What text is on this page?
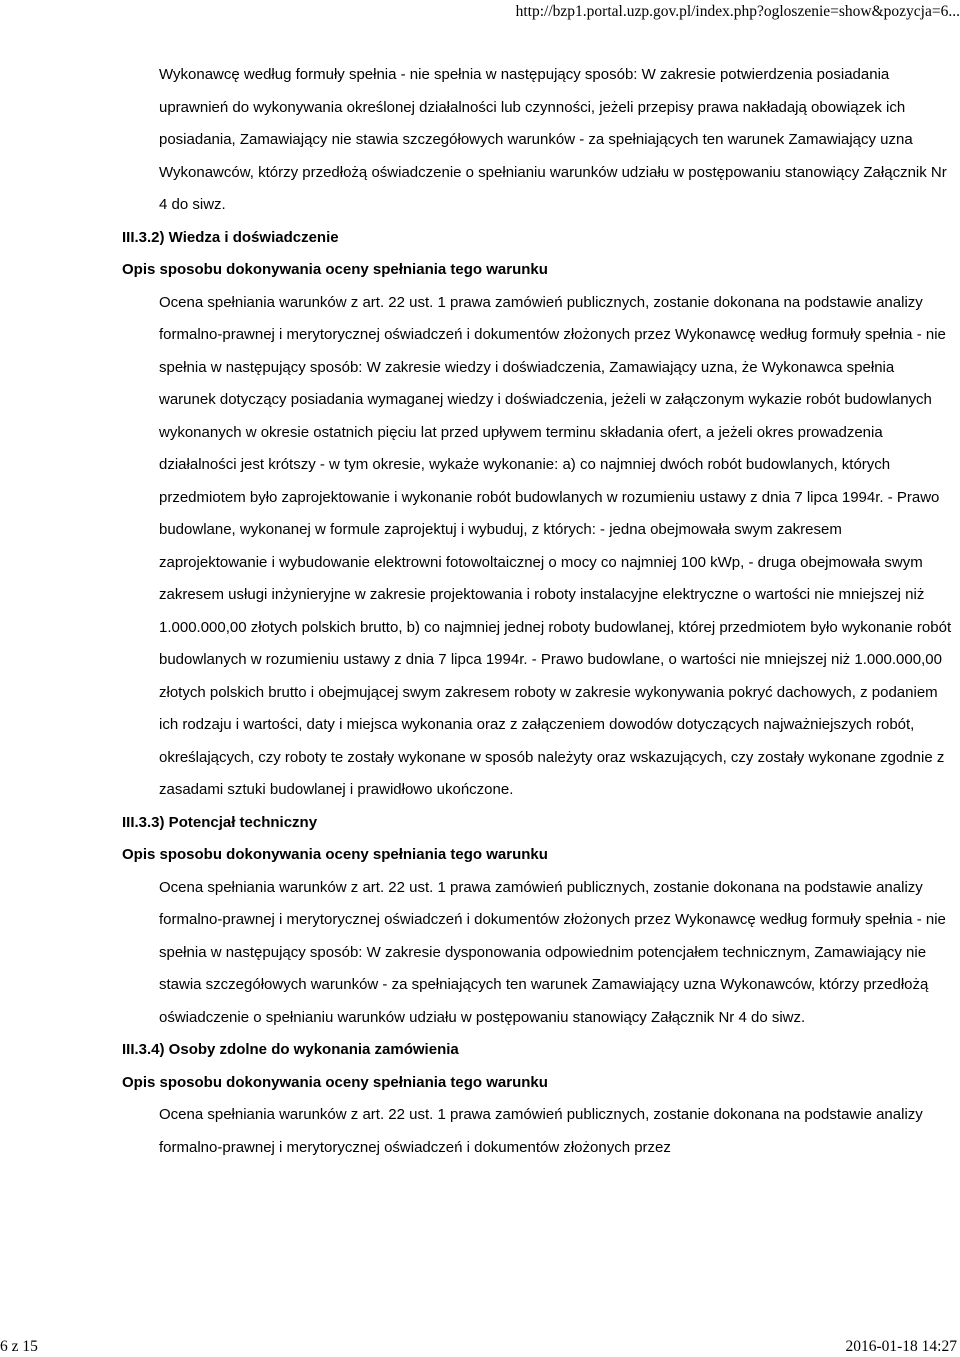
http://bzp1.portal.uzp.gov.pl/index.php?ogloszenie=show&pozycja=6...

Wykonawcę według formuły spełnia - nie spełnia w następujący sposób: W zakresie potwierdzenia posiadania uprawnień do wykonywania określonej działalności lub czynności, jeżeli przepisy prawa nakładają obowiązek ich posiadania, Zamawiający nie stawia szczegółowych warunków - za spełniających ten warunek Zamawiający uzna Wykonawców, którzy przedłożą oświadczenie o spełnianiu warunków udziału w postępowaniu stanowiący Załącznik Nr 4 do siwz.

III.3.2) Wiedza i doświadczenie
Opis sposobu dokonywania oceny spełniania tego warunku

Ocena spełniania warunków z art. 22 ust. 1 prawa zamówień publicznych, zostanie dokonana na podstawie analizy formalno-prawnej i merytorycznej oświadczeń i dokumentów złożonych przez Wykonawcę według formuły spełnia - nie spełnia w następujący sposób: W zakresie wiedzy i doświadczenia, Zamawiający uzna, że Wykonawca spełnia warunek dotyczący posiadania wymaganej wiedzy i doświadczenia, jeżeli w załączonym wykazie robót budowlanych wykonanych w okresie ostatnich pięciu lat przed upływem terminu składania ofert, a jeżeli okres prowadzenia działalności jest krótszy - w tym okresie, wykaże wykonanie: a) co najmniej dwóch robót budowlanych, których przedmiotem było zaprojektowanie i wykonanie robót budowlanych w rozumieniu ustawy z dnia 7 lipca 1994r. - Prawo budowlane, wykonanej w formule zaprojektuj i wybuduj, z których: - jedna obejmowała swym zakresem zaprojektowanie i wybudowanie elektrowni fotowoltaicznej o mocy co najmniej 100 kWp, - druga obejmowała swym zakresem usługi inżynieryjne w zakresie projektowania i roboty instalacyjne elektryczne o wartości nie mniejszej niż 1.000.000,00 złotych polskich brutto, b) co najmniej jednej roboty budowlanej, której przedmiotem było wykonanie robót budowlanych w rozumieniu ustawy z dnia 7 lipca 1994r. - Prawo budowlane, o wartości nie mniejszej niż 1.000.000,00 złotych polskich brutto i obejmującej swym zakresem roboty w zakresie wykonywania pokryć dachowych, z podaniem ich rodzaju i wartości, daty i miejsca wykonania oraz z załączeniem dowodów dotyczących najważniejszych robót, określających, czy roboty te zostały wykonane w sposób należyty oraz wskazujących, czy zostały wykonane zgodnie z zasadami sztuki budowlanej i prawidłowo ukończone.

III.3.3) Potencjał techniczny
Opis sposobu dokonywania oceny spełniania tego warunku

Ocena spełniania warunków z art. 22 ust. 1 prawa zamówień publicznych, zostanie dokonana na podstawie analizy formalno-prawnej i merytorycznej oświadczeń i dokumentów złożonych przez Wykonawcę według formuły spełnia - nie spełnia w następujący sposób: W zakresie dysponowania odpowiednim potencjałem technicznym, Zamawiający nie stawia szczegółowych warunków - za spełniających ten warunek Zamawiający uzna Wykonawców, którzy przedłożą oświadczenie o spełnianiu warunków udziału w postępowaniu stanowiący Załącznik Nr 4 do siwz.

III.3.4) Osoby zdolne do wykonania zamówienia
Opis sposobu dokonywania oceny spełniania tego warunku

Ocena spełniania warunków z art. 22 ust. 1 prawa zamówień publicznych, zostanie dokonana na podstawie analizy formalno-prawnej i merytorycznej oświadczeń i dokumentów złożonych przez

6 z 15	2016-01-18 14:27
